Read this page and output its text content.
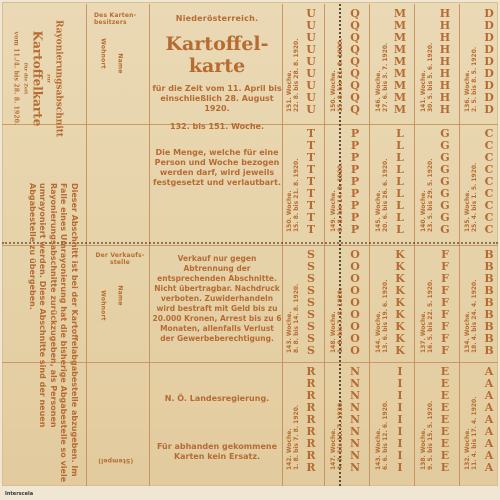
Rayonierungsabschnitt
zur
Kartoffelkarte
für die Zeit
vom 11./4. bis 28. 8. 1920.
Des Karten-
besitzers
Name
Wohnort
Der Verkaufs-
stelle
Name
Wohnort
Dieser Abschnitt ist bei der Kartoffelabgabestelle abzugeben. Im Falle eines Umrayonierung hat die bisherige Abgabestelle so viele Rayonierungsabschnitte zurückzugeben, als Personen umrayoniert werden. Diese Abschnitte sind der neuen Abgabestelle zu übergeben.
(Stempel)

Niederösterreich.

Kartoffel-

karte

für die Zeit vom 11. April bis einschließlich 28. August 1920.

132. bis 151. Woche.

Die Menge, welche für eine Person und Woche bezogen werden darf, wird jeweils festgesetzt und verlautbart.

Verkauf nur gegen Abtrennung der entsprechenden Abschnitte. Nicht übertragbar. Nachdruck verboten. Zuwiderhandeln wird bestraft mit Geld bis zu 20.000 Kronen, Arrest bis zu 6 Monaten, allenfalls Verlust der Gewerbeberechtigung.
N. Ö. Landesregierung.
Für abhanden gekommene Karten kein Ersatz.
U
U
U
U
U
U
U
U
U
151. Woche. 22. 8. bis 28. 8. 1920.
Q
Q
Q
Q
Q
Q
Q
Q
Q
150. Woche. 15. 8. bis 21. 8. 1920.
M
M
M
M
M
M
M
M
M
146. Woche. 27. 6. bis 3. 7. 1920.
H
H
H
H
H
H
H
H
H
141. Woche. 30. 5. bis 5. 6. 1920.
D
D
D
D
D
D
D
D
D
136. Woche. 2. 5. bis 8. 5. 1920.
T
T
T
T
T
T
T
T
T
150. Woche. 15. 8. bis 21. 8. 1920.
P
P
P
P
P
P
P
P
P
149. Woche. 8. 8. bis 14. 8. 1920.
L
L
L
L
L
L
L
L
L
145. Woche. 20. 6. bis 26. 6. 1920.
G
G
G
G
G
G
G
G
G
140. Woche. 23. 5. bis 29. 5. 1920.
C
C
C
C
C
C
C
C
C
135. Woche. 25. 4. bis 1. 5. 1920.
S
S
S
S
S
S
S
S
S
143. Woche. 8. 8. bis 14. 8. 1920.
O
O
O
O
O
O
O
O
O
148. Woche. 1. 8. bis 7. 8. 1920.
K
K
K
K
K
K
K
K
K
144. Woche. 13. 6. bis 19. 6. 1920.
F
F
F
F
F
F
F
F
F
137. Woche. 16. 5. bis 22. 5. 1920.
B
B
B
B
B
B
B
B
B
134. Woche. 18. 4. bis 24. 4. 1920.
R
R
R
R
R
R
R
R
R
142. Woche. 1. 8. bis 7. 8. 1920.
N
N
N
N
N
N
N
N
N
147. Woche. 4. 7. bis 10. 7. 1920.
I
I
I
I
I
I
I
I
I
143. Woche. 6. 6. bis 12. 6. 1920.
E
E
E
E
E
E
E
E
E
138. Woche. 9. 5. bis 15. 5. 1920.
A
A
A
A
A
A
A
A
A
132. Woche. 11. 4. bis 17. 4. 1920.
Interscela
